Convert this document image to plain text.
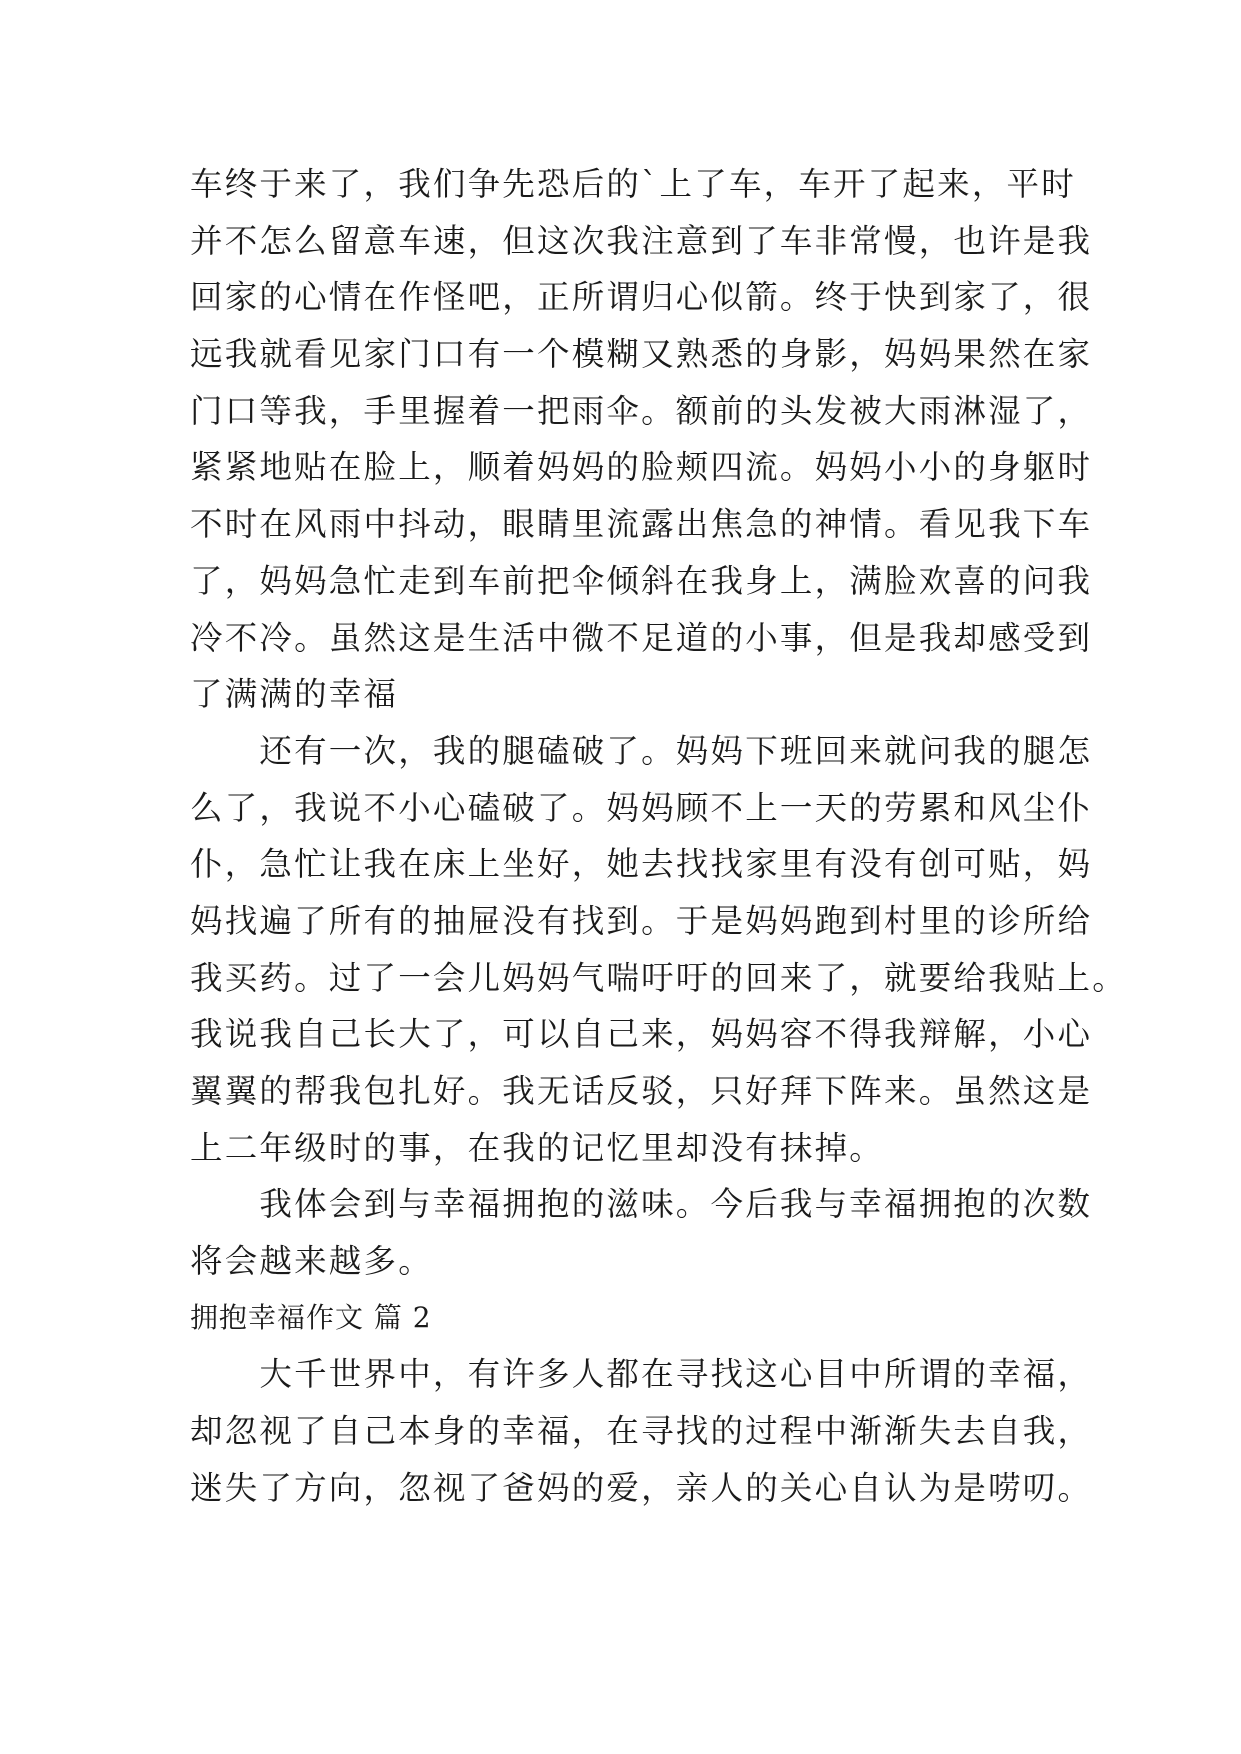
车终于来了，我们争先恐后的`上了车，车开了起来，平时
并不怎么留意车速，但这次我注意到了车非常慢，也许是我
回家的心情在作怪吧，正所谓归心似箭。终于快到家了，很
远我就看见家门口有一个模糊又熟悉的身影，妈妈果然在家
门口等我，手里握着一把雨伞。额前的头发被大雨淋湿了，
紧紧地贴在脸上，顺着妈妈的脸颊四流。妈妈小小的身躯时
不时在风雨中抖动，眼睛里流露出焦急的神情。看见我下车
了，妈妈急忙走到车前把伞倾斜在我身上，满脸欢喜的问我
冷不冷。虽然这是生活中微不足道的小事，但是我却感受到
了满满的幸福
　　还有一次，我的腿磕破了。妈妈下班回来就问我的腿怎
么了，我说不小心磕破了。妈妈顾不上一天的劳累和风尘仆
仆，急忙让我在床上坐好，她去找找家里有没有创可贴，妈
妈找遍了所有的抽屉没有找到。于是妈妈跑到村里的诊所给
我买药。过了一会儿妈妈气喘吁吁的回来了，就要给我贴上。
我说我自己长大了，可以自己来，妈妈容不得我辩解，小心
翼翼的帮我包扎好。我无话反驳，只好拜下阵来。虽然这是
上二年级时的事，在我的记忆里却没有抹掉。
　　我体会到与幸福拥抱的滋味。今后我与幸福拥抱的次数
将会越来越多。
拥抱幸福作文 篇 2
　　大千世界中，有许多人都在寻找这心目中所谓的幸福，
却忽视了自己本身的幸福，在寻找的过程中渐渐失去自我，
迷失了方向，忽视了爸妈的爱，亲人的关心自认为是唠叨。
